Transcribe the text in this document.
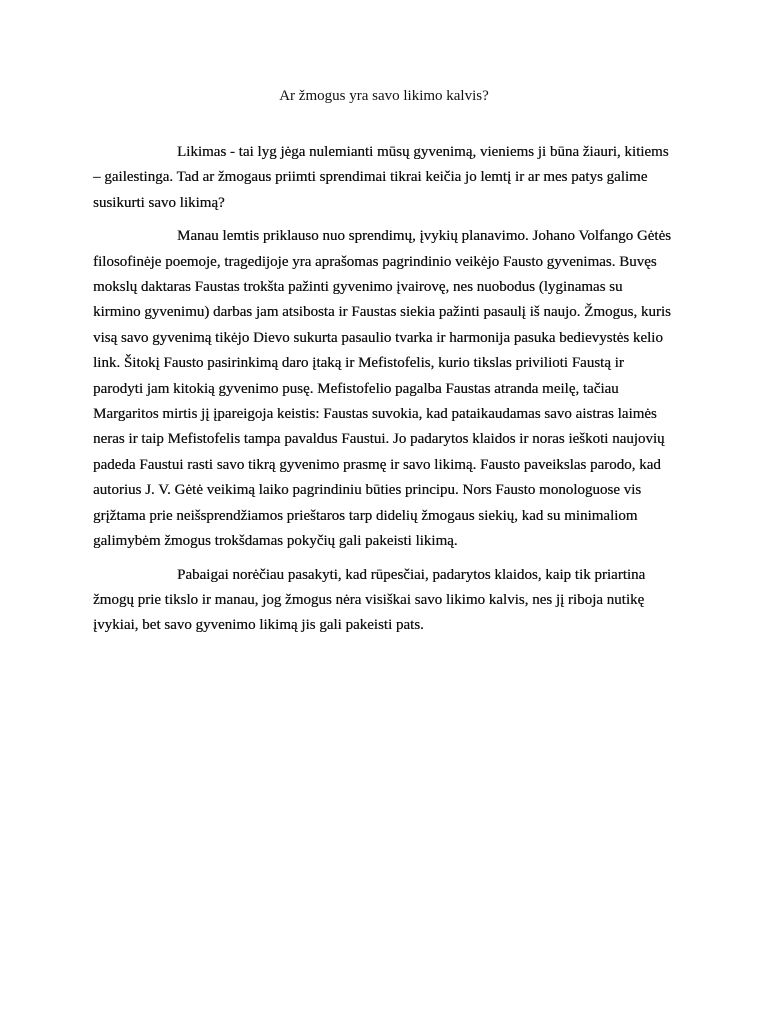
Ar žmogus yra savo likimo kalvis?

Likimas - tai lyg jėga nulemianti mūsų gyvenimą, vieniems ji būna žiauri, kitiems – gailestinga. Tad ar žmogaus priimti sprendimai tikrai keičia jo lemtį ir ar mes patys galime susikurti savo likimą?

Manau lemtis priklauso nuo sprendimų, įvykių planavimo. Johano Volfango Gėtės filosofinėje poemoje, tragedijoje yra aprašomas pagrindinio veikėjo Fausto gyvenimas. Buvęs mokslų daktaras Faustas trokšta pažinti gyvenimo įvairovę, nes nuobodus (lyginamas su kirmino gyvenimu) darbas jam atsibosta ir Faustas siekia pažinti pasaulį iš naujo. Žmogus, kuris visą savo gyvenimą tikėjo Dievo sukurta pasaulio tvarka ir harmonija pasuka bedievystės kelio link. Šitokį Fausto pasirinkimą daro įtaką ir Mefistofelis, kurio tikslas privilioti Faustą ir parodyti jam kitokią gyvenimo pusę. Mefistofelio pagalba Faustas atranda meilę, tačiau Margaritos mirtis jį įpareigoja keistis: Faustas suvokia, kad pataikaudamas savo aistras laimės neras ir taip Mefistofelis tampa pavaldus Faustui. Jo padarytos klaidos ir noras ieškoti naujovių padeda Faustui rasti savo tikrą gyvenimo prasmę ir savo likimą. Fausto paveikslas parodo, kad autorius J. V. Gėtė veikimą laiko pagrindiniu būties principu. Nors Fausto monologuose vis grįžtama prie neišsprendžiamos prieštaros tarp didelių žmogaus siekių, kad su minimaliom galimybėm žmogus trokšdamas pokyčių gali pakeisti likimą.

Pabaigai norėčiau pasakyti, kad rūpesčiai, padarytos klaidos, kaip tik priartina žmogų prie tikslo ir manau, jog žmogus nėra visiškai savo likimo kalvis, nes jį riboja nutikę įvykiai, bet savo gyvenimo likimą jis gali pakeisti pats.
